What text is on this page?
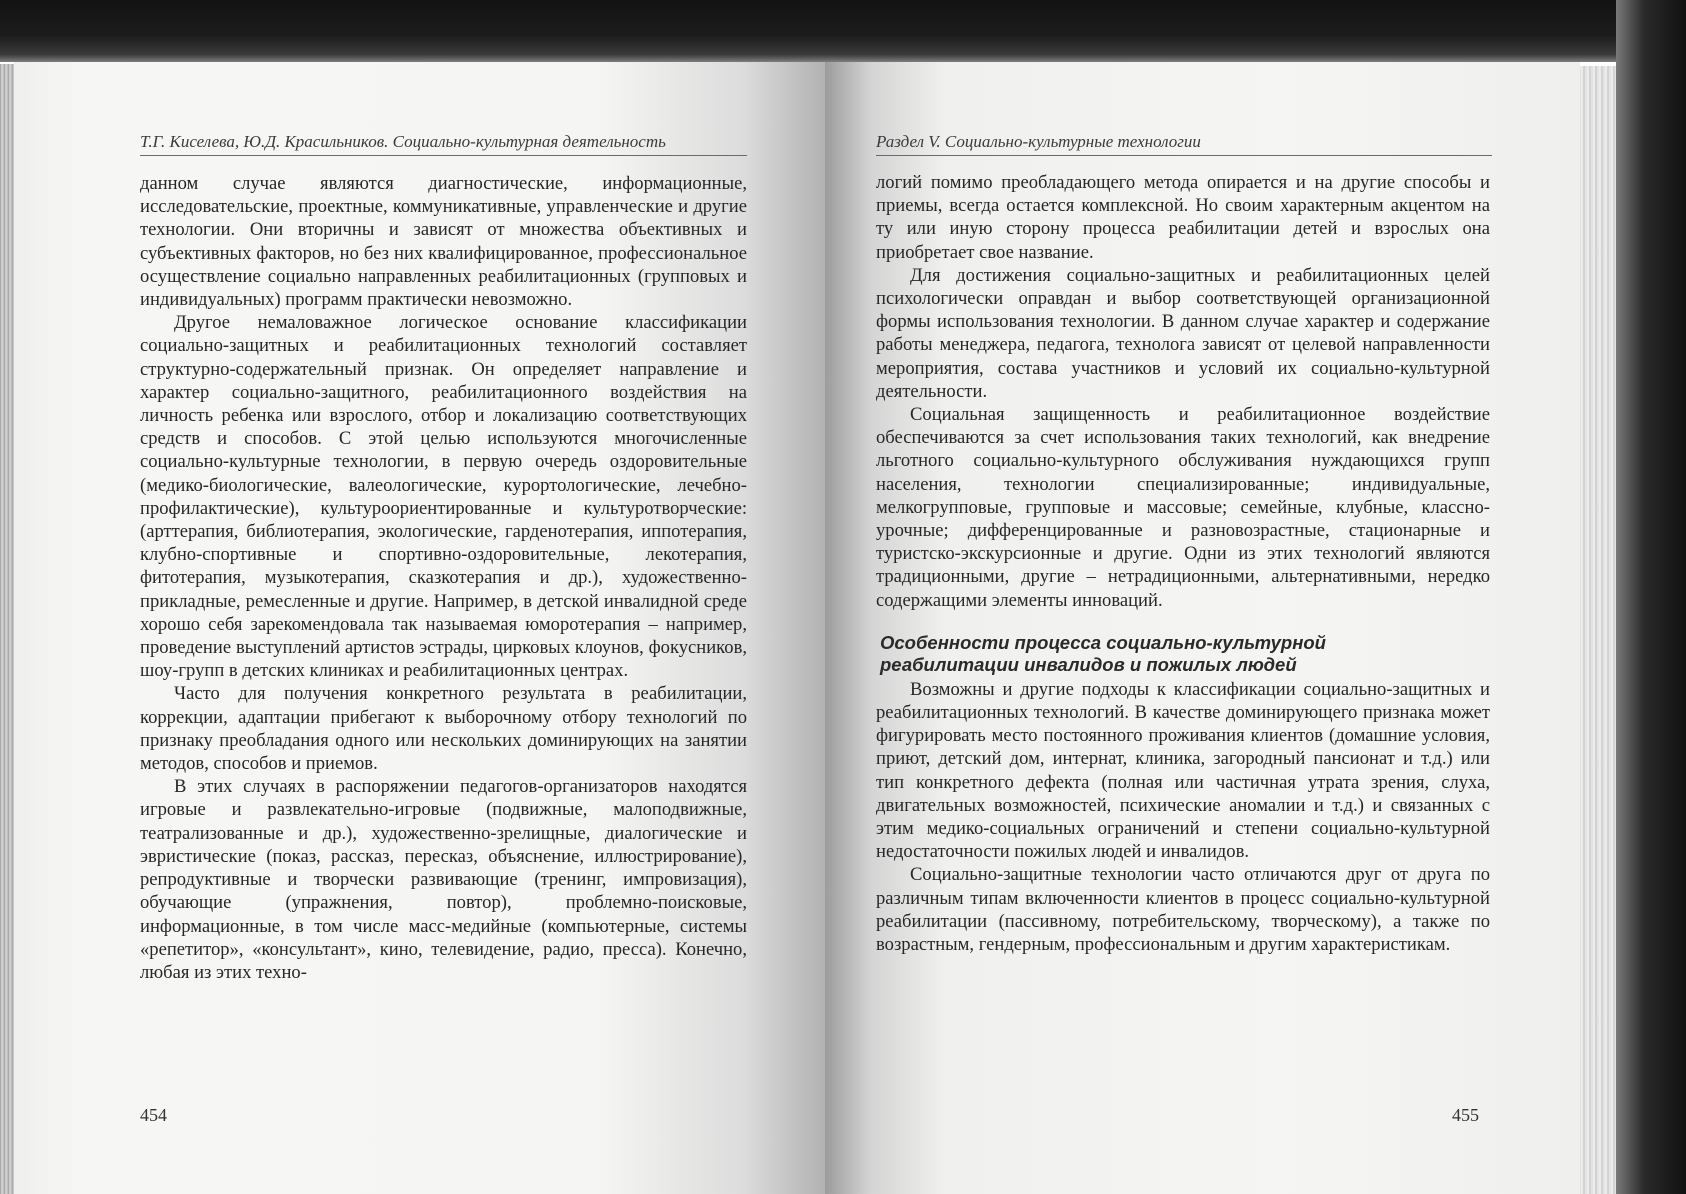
Т.Г. Киселева, Ю.Д. Красильников. Социально-культурная деятельность	Раздел V. Социально-культурные технологии

данном случае являются диагностические, информационные, исследовательские, проектные, коммуникативные, управленческие и другие технологии. Они вторичны и зависят от множества объективных и субъективных факторов, но без них квалифицированное, профессиональное осуществление социально направленных реабилитационных (групповых и индивидуальных) программ практически невозможно.

Другое немаловажное логическое основание классификации социально-защитных и реабилитационных технологий составляет структурно-содержательный признак. Он определяет направление и характер социально-защитного, реабилитационного воздействия на личность ребенка или взрослого, отбор и локализацию соответствующих средств и способов. С этой целью используются многочисленные социально-культурные технологии, в первую очередь оздоровительные (медико-биологические, валеологические, курортологические, лечебно-профилактические), культуроориентированные и культуротворческие: (арттерапия, библиотерапия, экологические, гарденотерапия, иппотерапия, клубно-спортивные и спортивно-оздоровительные, лекотерапия, фитотерапия, музыкотерапия, сказкотерапия и др.), художественно-прикладные, ремесленные и другие. Например, в детской инвалидной среде хорошо себя зарекомендовала так называемая юморотерапия – например, проведение выступлений артистов эстрады, цирковых клоунов, фокусников, шоу-групп в детских клиниках и реабилитационных центрах.

Часто для получения конкретного результата в реабилитации, коррекции, адаптации прибегают к выборочному отбору технологий по признаку преобладания одного или нескольких доминирующих на занятии методов, способов и приемов.

В этих случаях в распоряжении педагогов-организаторов находятся игровые и развлекательно-игровые (подвижные, малоподвижные, театрализованные и др.), художественно-зрелищные, диалогические и эвристические (показ, рассказ, пересказ, объяснение, иллюстрирование), репродуктивные и творчески развивающие (тренинг, импровизация), обучающие (упражнения, повтор), проблемно-поисковые, информационные, в том числе масс-медийные (компьютерные, системы «репетитор», «консультант», кино, телевидение, радио, пресса). Конечно, любая из этих техно-

логий помимо преобладающего метода опирается и на другие способы и приемы, всегда остается комплексной. Но своим характерным акцентом на ту или иную сторону процесса реабилитации детей и взрослых она приобретает свое название.

Для достижения социально-защитных и реабилитационных целей психологически оправдан и выбор соответствующей организационной формы использования технологии. В данном случае характер и содержание работы менеджера, педагога, технолога зависят от целевой направленности мероприятия, состава участников и условий их социально-культурной деятельности.

Социальная защищенность и реабилитационное воздействие обеспечиваются за счет использования таких технологий, как внедрение льготного социально-культурного обслуживания нуждающихся групп населения, технологии специализированные; индивидуальные, мелкогрупповые, групповые и массовые; семейные, клубные, классно-урочные; дифференцированные и разновозрастные, стационарные и туристско-экскурсионные и другие. Одни из этих технологий являются традиционными, другие – нетрадиционными, альтернативными, нередко содержащими элементы инноваций.

Особенности процесса социально-культурной
реабилитации инвалидов и пожилых людей

Возможны и другие подходы к классификации социально-защитных и реабилитационных технологий. В качестве доминирующего признака может фигурировать место постоянного проживания клиентов (домашние условия, приют, детский дом, интернат, клиника, загородный пансионат и т.д.) или тип конкретного дефекта (полная или частичная утрата зрения, слуха, двигательных возможностей, психические аномалии и т.д.) и связанных с этим медико-социальных ограничений и степени социально-культурной недостаточности пожилых людей и инвалидов.

Социально-защитные технологии часто отличаются друг от друга по различным типам включенности клиентов в процесс социально-культурной реабилитации (пассивному, потребительскому, творческому), а также по возрастным, гендерным, профессиональным и другим характеристикам.

454	455
